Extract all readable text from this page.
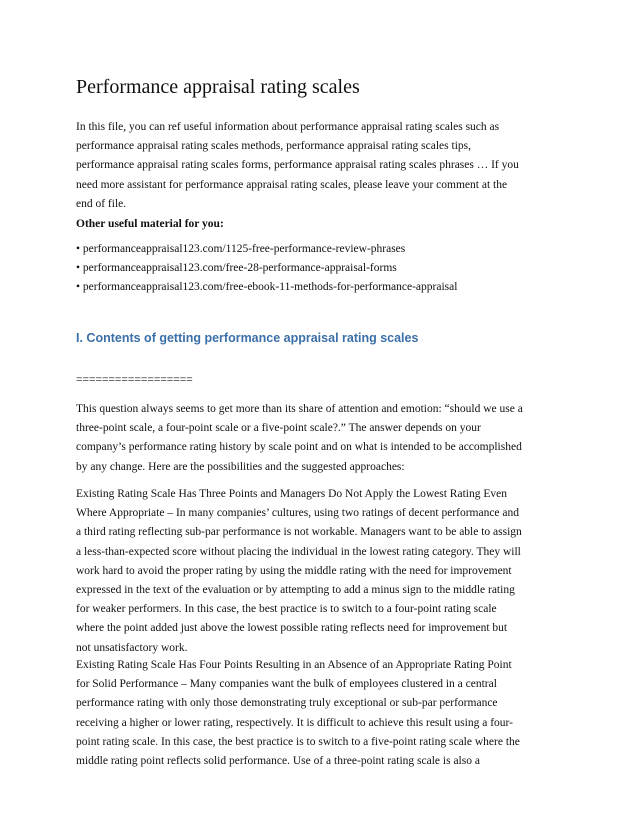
Performance appraisal rating scales

In this file, you can ref useful information about performance appraisal rating scales such as
performance appraisal rating scales methods, performance appraisal rating scales tips,
performance appraisal rating scales forms, performance appraisal rating scales phrases … If you
need more assistant for performance appraisal rating scales, please leave your comment at the
end of file.

Other useful material for you:

• performanceappraisal123.com/1125-free-performance-review-phrases
• performanceappraisal123.com/free-28-performance-appraisal-forms
• performanceappraisal123.com/free-ebook-11-methods-for-performance-appraisal
I. Contents of getting performance appraisal rating scales
==================

This question always seems to get more than its share of attention and emotion: “should we use a
three-point scale, a four-point scale or a five-point scale?.” The answer depends on your
company’s performance rating history by scale point and on what is intended to be accomplished
by any change. Here are the possibilities and the suggested approaches:

Existing Rating Scale Has Three Points and Managers Do Not Apply the Lowest Rating Even
Where Appropriate – In many companies’ cultures, using two ratings of decent performance and
a third rating reflecting sub-par performance is not workable. Managers want to be able to assign
a less-than-expected score without placing the individual in the lowest rating category. They will
work hard to avoid the proper rating by using the middle rating with the need for improvement
expressed in the text of the evaluation or by attempting to add a minus sign to the middle rating
for weaker performers. In this case, the best practice is to switch to a four-point rating scale
where the point added just above the lowest possible rating reflects need for improvement but
not unsatisfactory work.

Existing Rating Scale Has Four Points Resulting in an Absence of an Appropriate Rating Point
for Solid Performance – Many companies want the bulk of employees clustered in a central
performance rating with only those demonstrating truly exceptional or sub-par performance
receiving a higher or lower rating, respectively. It is difficult to achieve this result using a four-
point rating scale. In this case, the best practice is to switch to a five-point rating scale where the
middle rating point reflects solid performance. Use of a three-point rating scale is also a
